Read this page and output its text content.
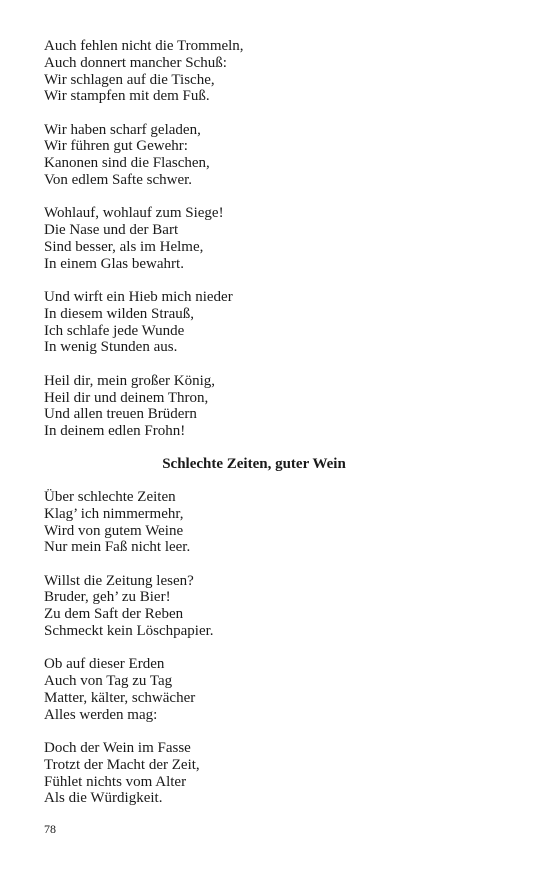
Auch fehlen nicht die Trommeln,
Auch donnert mancher Schuß:
Wir schlagen auf die Tische,
Wir stampfen mit dem Fuß.

Wir haben scharf geladen,
Wir führen gut Gewehr:
Kanonen sind die Flaschen,
Von edlem Safte schwer.

Wohlauf, wohlauf zum Siege!
Die Nase und der Bart
Sind besser, als im Helme,
In einem Glas bewahrt.

Und wirft ein Hieb mich nieder
In diesem wilden Strauß,
Ich schlafe jede Wunde
In wenig Stunden aus.

Heil dir, mein großer König,
Heil dir und deinem Thron,
Und allen treuen Brüdern
In deinem edlen Frohn!

Schlechte Zeiten, guter Wein

Über schlechte Zeiten
Klag’ ich nimmermehr,
Wird von gutem Weine
Nur mein Faß nicht leer.

Willst die Zeitung lesen?
Bruder, geh’ zu Bier!
Zu dem Saft der Reben
Schmeckt kein Löschpapier.

Ob auf dieser Erden
Auch von Tag zu Tag
Matter, kälter, schwächer
Alles werden mag:

Doch der Wein im Fasse
Trotzt der Macht der Zeit,
Fühlet nichts vom Alter
Als die Würdigkeit.

78
